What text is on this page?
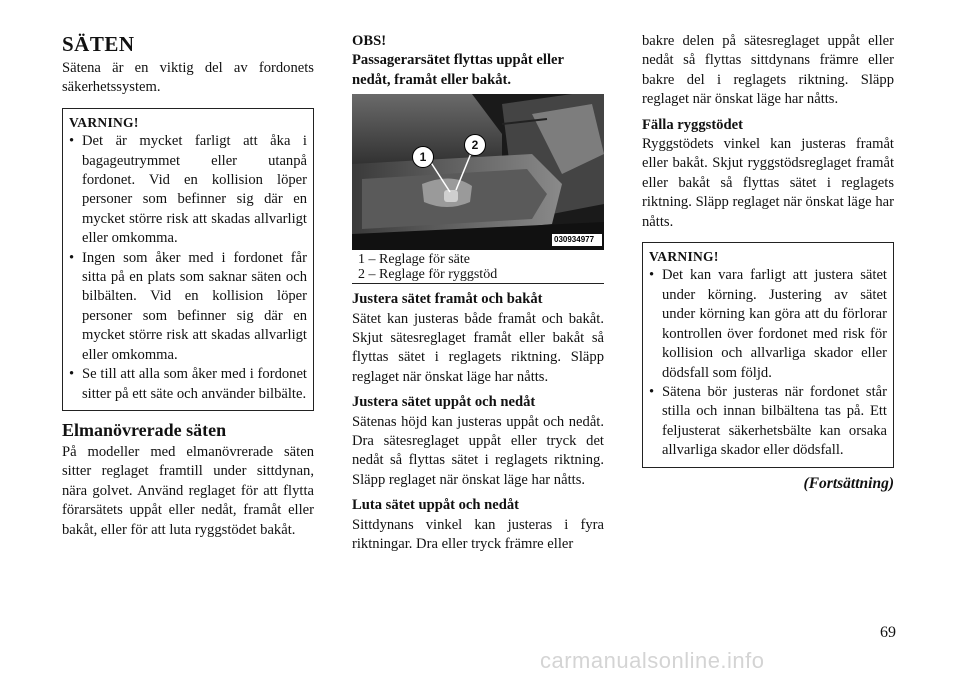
SÄTEN

Sätena är en viktig del av fordonets säkerhetssystem.

VARNING!
• Det är mycket farligt att åka i bagageutrymmet eller utanpå fordonet. Vid en kollision löper personer som befinner sig där en mycket större risk att skadas allvarligt eller omkomma.
• Ingen som åker med i fordonet får sitta på en plats som saknar säten och bilbälten. Vid en kollision löper personer som befinner sig där en mycket större risk att skadas allvarligt eller omkomma.
• Se till att alla som åker med i fordonet sitter på ett säte och använder bilbälte.
Elmanövrerade säten

På modeller med elmanövrerade säten sitter reglaget framtill under sittdynan, nära golvet. Använd reglaget för att flytta förarsätets uppåt eller nedåt, framåt eller bakåt, eller för att luta ryggstödet bakåt.

OBS!

Passagerarsätet flyttas uppåt eller nedåt, framåt eller bakåt.

1
2
030934977
1 – Reglage för säte
2 – Reglage för ryggstöd
Justera sätet framåt och bakåt

Sätet kan justeras både framåt och bakåt. Skjut sätesreglaget framåt eller bakåt så flyttas sätet i reglagets riktning. Släpp reglaget när önskat läge har nåtts.

Justera sätet uppåt och nedåt

Sätenas höjd kan justeras uppåt och nedåt. Dra sätesreglaget uppåt eller tryck det nedåt så flyttas sätet i reglagets riktning. Släpp reglaget när önskat läge har nåtts.

Luta sätet uppåt och nedåt

Sittdynans vinkel kan justeras i fyra riktningar. Dra eller tryck främre eller

bakre delen på sätesreglaget uppåt eller nedåt så flyttas sittdynans främre eller bakre del i reglagets riktning. Släpp reglaget när önskat läge har nåtts.

Fälla ryggstödet

Ryggstödets vinkel kan justeras framåt eller bakåt. Skjut ryggstödsreglaget framåt eller bakåt så flyttas sätet i reglagets riktning. Släpp reglaget när önskat läge har nåtts.

VARNING!
• Det kan vara farligt att justera sätet under körning. Justering av sätet under körning kan göra att du förlorar kontrollen över fordonet med risk för kollision och allvarliga skador eller dödsfall som följd.
• Sätena bör justeras när fordonet står stilla och innan bilbältena tas på. Ett feljusterat säkerhetsbälte kan orsaka allvarliga skador eller dödsfall.
(Fortsättning)
69
carmanualsonline.info
